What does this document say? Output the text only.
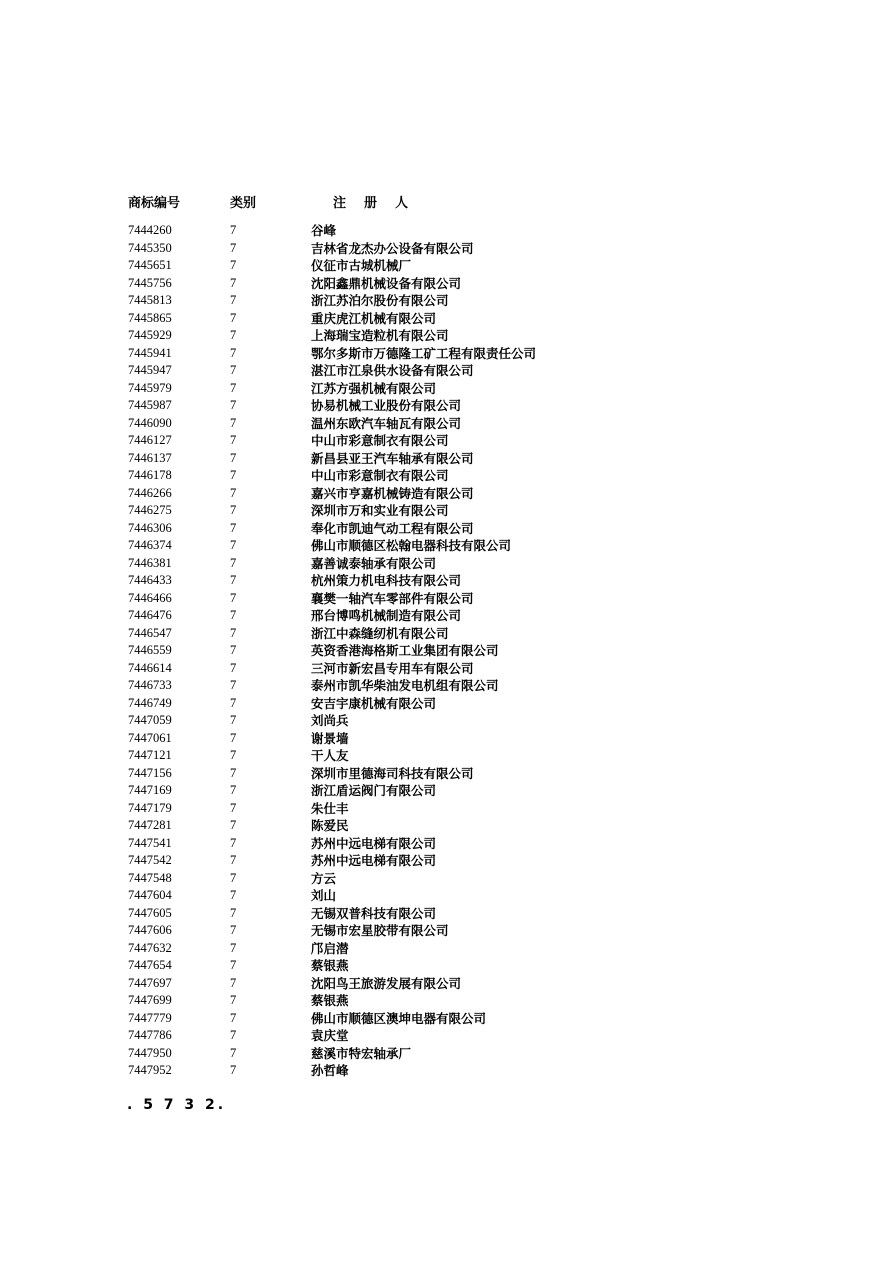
商标编号	类别	注册人
7444260	7	谷峰
7445350	7	吉林省龙杰办公设备有限公司
7445651	7	仪征市古城机械厂
7445756	7	沈阳鑫鼎机械设备有限公司
7445813	7	浙江苏泊尔股份有限公司
7445865	7	重庆虎江机械有限公司
7445929	7	上海瑞宝造粒机有限公司
7445941	7	鄂尔多斯市万德隆工矿工程有限责任公司
7445947	7	湛江市江泉供水设备有限公司
7445979	7	江苏方强机械有限公司
7445987	7	协易机械工业股份有限公司
7446090	7	温州东欧汽车轴瓦有限公司
7446127	7	中山市彩意制衣有限公司
7446137	7	新昌县亚王汽车轴承有限公司
7446178	7	中山市彩意制衣有限公司
7446266	7	嘉兴市亨嘉机械铸造有限公司
7446275	7	深圳市万和实业有限公司
7446306	7	奉化市凯迪气动工程有限公司
7446374	7	佛山市顺德区松翰电器科技有限公司
7446381	7	嘉善诚泰轴承有限公司
7446433	7	杭州策力机电科技有限公司
7446466	7	襄樊一轴汽车零部件有限公司
7446476	7	邢台博鸣机械制造有限公司
7446547	7	浙江中森缝纫机有限公司
7446559	7	英资香港海格斯工业集团有限公司
7446614	7	三河市新宏昌专用车有限公司
7446733	7	泰州市凯华柴油发电机组有限公司
7446749	7	安吉宇康机械有限公司
7447059	7	刘尚兵
7447061	7	谢景墙
7447121	7	干人友
7447156	7	深圳市里德海司科技有限公司
7447169	7	浙江盾运阀门有限公司
7447179	7	朱仕丰
7447281	7	陈爱民
7447541	7	苏州中远电梯有限公司
7447542	7	苏州中远电梯有限公司
7447548	7	方云
7447604	7	刘山
7447605	7	无锡双普科技有限公司
7447606	7	无锡市宏星胶带有限公司
7447632	7	邝启潜
7447654	7	蔡银燕
7447697	7	沈阳鸟王旅游发展有限公司
7447699	7	蔡银燕
7447779	7	佛山市顺德区澳坤电器有限公司
7447786	7	袁庆堂
7447950	7	慈溪市特宏轴承厂
7447952	7	孙哲峰
. 5 7 3 2.
